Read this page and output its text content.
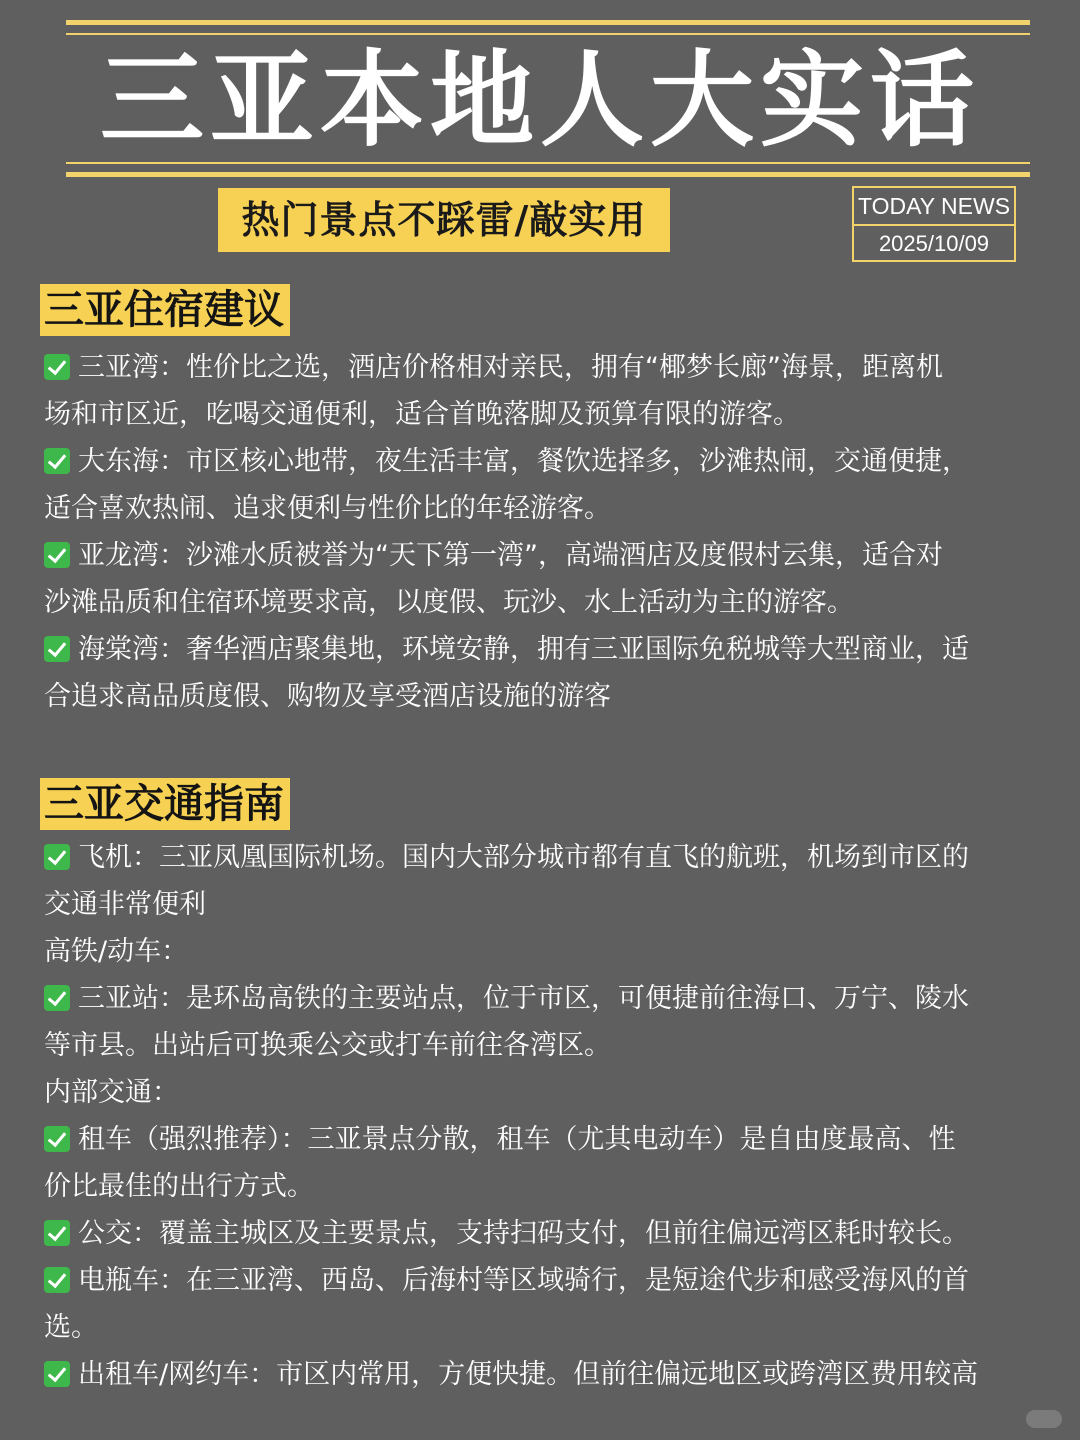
三亚本地人大实话
热门景点不踩雷/敲实用	TODAY NEWS
2025/10/09
三亚住宿建议
三亚湾：性价比之选，酒店价格相对亲民，拥有“椰梦长廊”海景，距离机
场和市区近，吃喝交通便利，适合首晚落脚及预算有限的游客。
大东海：市区核心地带，夜生活丰富，餐饮选择多，沙滩热闹，交通便捷，
适合喜欢热闹、追求便利与性价比的年轻游客。
亚龙湾：沙滩水质被誉为“天下第一湾”，高端酒店及度假村云集，适合对
沙滩品质和住宿环境要求高，以度假、玩沙、水上活动为主的游客。
海棠湾：奢华酒店聚集地，环境安静，拥有三亚国际免税城等大型商业，适
合追求高品质度假、购物及享受酒店设施的游客
三亚交通指南
飞机：三亚凤凰国际机场。国内大部分城市都有直飞的航班，机场到市区的
交通非常便利
高铁/动车：
三亚站：是环岛高铁的主要站点，位于市区，可便捷前往海口、万宁、陵水
等市县。出站后可换乘公交或打车前往各湾区。
内部交通：
租车（强烈推荐）：三亚景点分散，租车（尤其电动车）是自由度最高、性
价比最佳的出行方式。
公交：覆盖主城区及主要景点，支持扫码支付，但前往偏远湾区耗时较长。
电瓶车：在三亚湾、西岛、后海村等区域骑行，是短途代步和感受海风的首
选。
出租车/网约车：市区内常用，方便快捷。但前往偏远地区或跨湾区费用较高
